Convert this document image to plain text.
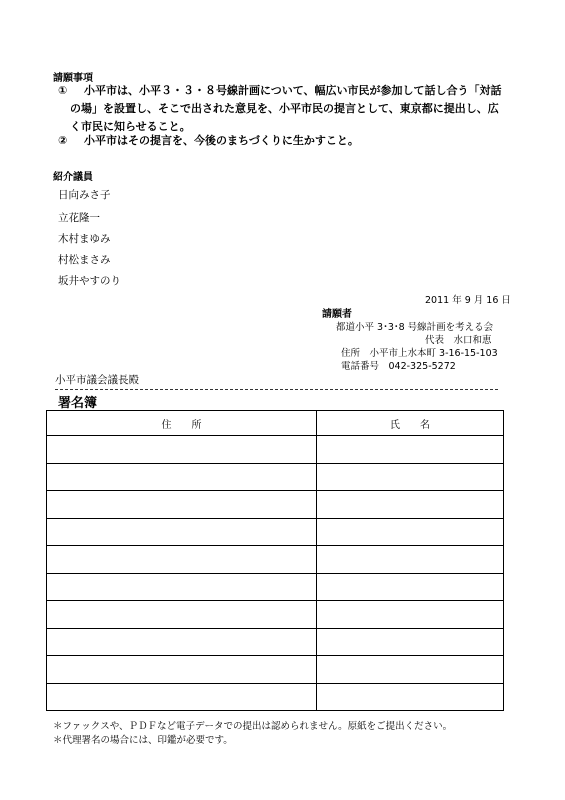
請願事項
① 小平市は、小平３・３・８号線計画について、幅広い市民が参加して話し合う「対話
の場」を設置し、そこで出された意見を、小平市民の提言として、東京都に提出し、広
く市民に知らせること。
② 小平市はその提言を、今後のまちづくりに生かすこと。
紹介議員
日向みさ子
立花隆一
木村まゆみ
村松まさみ
坂井やすのり
2011 年 9 月 16 日
請願者
都道小平 3･3･8 号線計画を考える会
代表　水口和恵
住所　小平市上水本町 3-16-15-103
電話番号　042-325-5272
小平市議会議長殿
署名簿
住　　所	氏　　名

＊ファックスや、ＰＤＦなど電子データでの提出は認められません。原紙をご提出ください。
＊代理署名の場合には、印鑑が必要です。
